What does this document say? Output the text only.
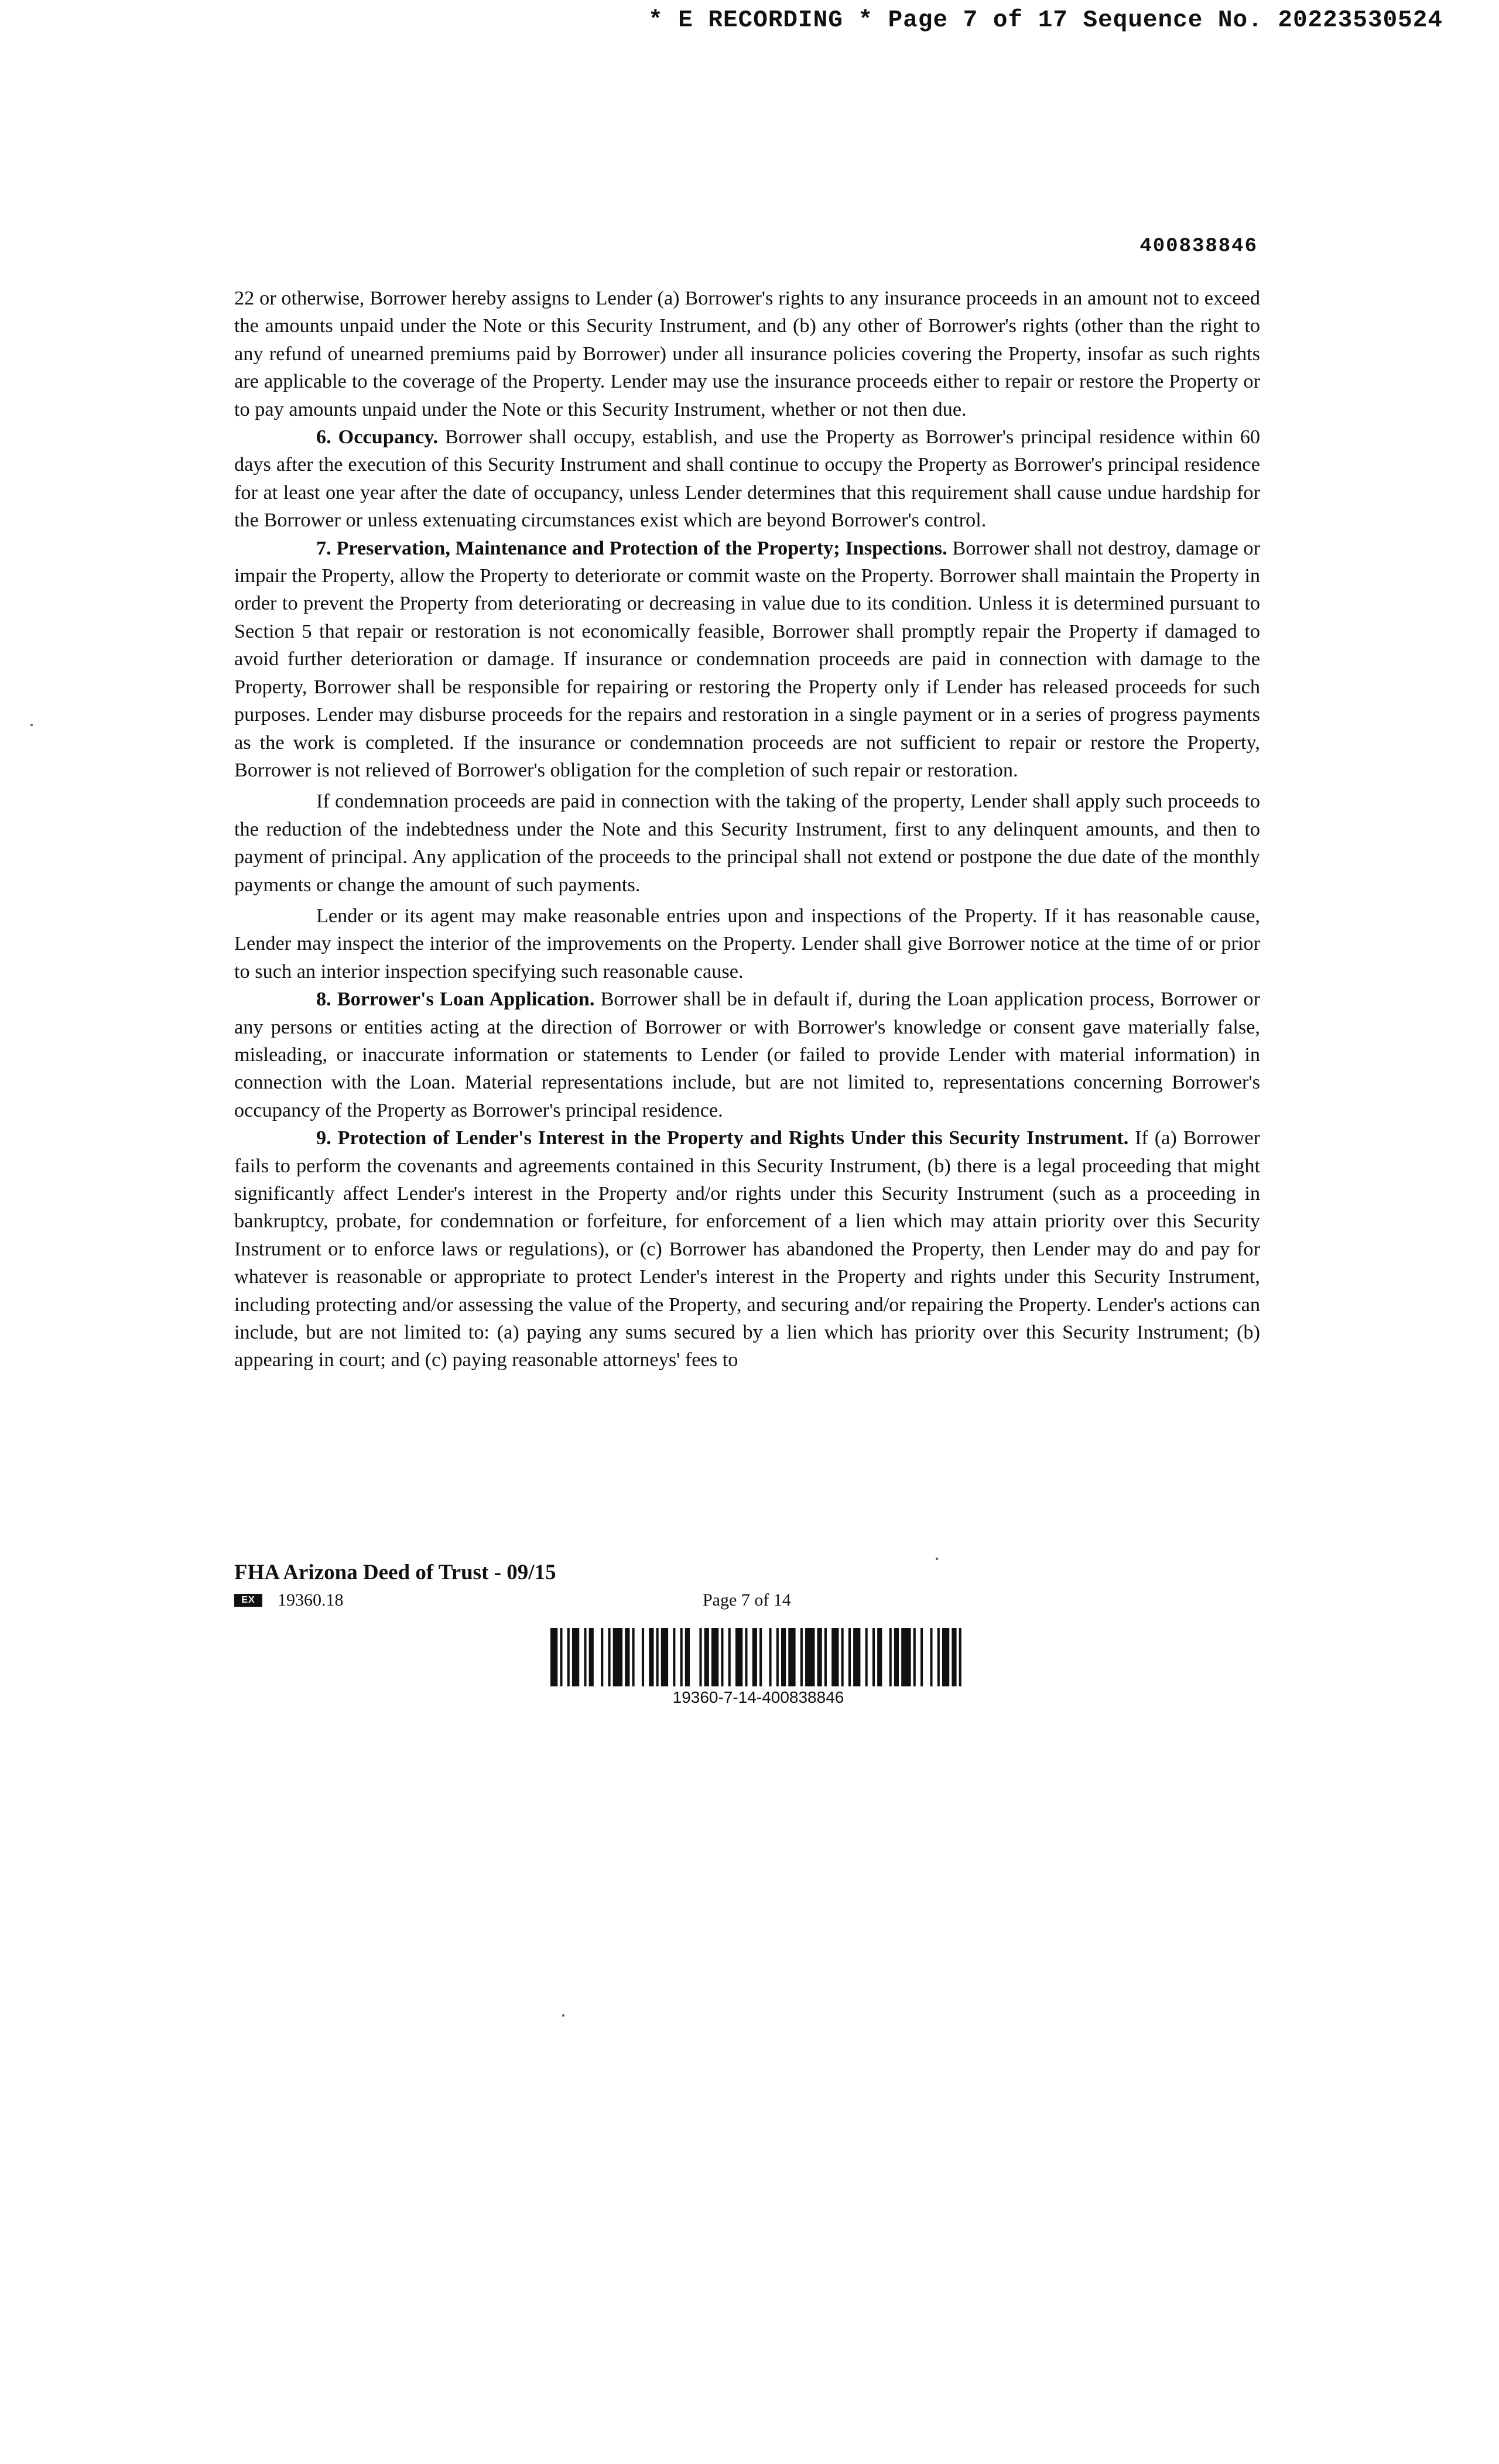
* E RECORDING * Page 7 of 17 Sequence No. 20223530524
400838846

22 or otherwise, Borrower hereby assigns to Lender (a) Borrower's rights to any insurance proceeds in an amount not to exceed the amounts unpaid under the Note or this Security Instrument, and (b) any other of Borrower's rights (other than the right to any refund of unearned premiums paid by Borrower) under all insurance policies covering the Property, insofar as such rights are applicable to the coverage of the Property. Lender may use the insurance proceeds either to repair or restore the Property or to pay amounts unpaid under the Note or this Security Instrument, whether or not then due.

6. Occupancy. Borrower shall occupy, establish, and use the Property as Borrower's principal residence within 60 days after the execution of this Security Instrument and shall continue to occupy the Property as Borrower's principal residence for at least one year after the date of occupancy, unless Lender determines that this requirement shall cause undue hardship for the Borrower or unless extenuating circumstances exist which are beyond Borrower's control.

7. Preservation, Maintenance and Protection of the Property; Inspections. Borrower shall not destroy, damage or impair the Property, allow the Property to deteriorate or commit waste on the Property. Borrower shall maintain the Property in order to prevent the Property from deteriorating or decreasing in value due to its condition. Unless it is determined pursuant to Section 5 that repair or restoration is not economically feasible, Borrower shall promptly repair the Property if damaged to avoid further deterioration or damage. If insurance or condemnation proceeds are paid in connection with damage to the Property, Borrower shall be responsible for repairing or restoring the Property only if Lender has released proceeds for such purposes. Lender may disburse proceeds for the repairs and restoration in a single payment or in a series of progress payments as the work is completed. If the insurance or condemnation proceeds are not sufficient to repair or restore the Property, Borrower is not relieved of Borrower's obligation for the completion of such repair or restoration.

If condemnation proceeds are paid in connection with the taking of the property, Lender shall apply such proceeds to the reduction of the indebtedness under the Note and this Security Instrument, first to any delinquent amounts, and then to payment of principal. Any application of the proceeds to the principal shall not extend or postpone the due date of the monthly payments or change the amount of such payments.

Lender or its agent may make reasonable entries upon and inspections of the Property. If it has reasonable cause, Lender may inspect the interior of the improvements on the Property. Lender shall give Borrower notice at the time of or prior to such an interior inspection specifying such reasonable cause.

8. Borrower's Loan Application. Borrower shall be in default if, during the Loan application process, Borrower or any persons or entities acting at the direction of Borrower or with Borrower's knowledge or consent gave materially false, misleading, or inaccurate information or statements to Lender (or failed to provide Lender with material information) in connection with the Loan. Material representations include, but are not limited to, representations concerning Borrower's occupancy of the Property as Borrower's principal residence.

9. Protection of Lender's Interest in the Property and Rights Under this Security Instrument. If (a) Borrower fails to perform the covenants and agreements contained in this Security Instrument, (b) there is a legal proceeding that might significantly affect Lender's interest in the Property and/or rights under this Security Instrument (such as a proceeding in bankruptcy, probate, for condemnation or forfeiture, for enforcement of a lien which may attain priority over this Security Instrument or to enforce laws or regulations), or (c) Borrower has abandoned the Property, then Lender may do and pay for whatever is reasonable or appropriate to protect Lender's interest in the Property and rights under this Security Instrument, including protecting and/or assessing the value of the Property, and securing and/or repairing the Property. Lender's actions can include, but are not limited to: (a) paying any sums secured by a lien which has priority over this Security Instrument; (b) appearing in court; and (c) paying reasonable attorneys' fees to

FHA Arizona Deed of Trust - 09/15
EX	19360.18	Page 7 of 14
19360-7-14-400838846
